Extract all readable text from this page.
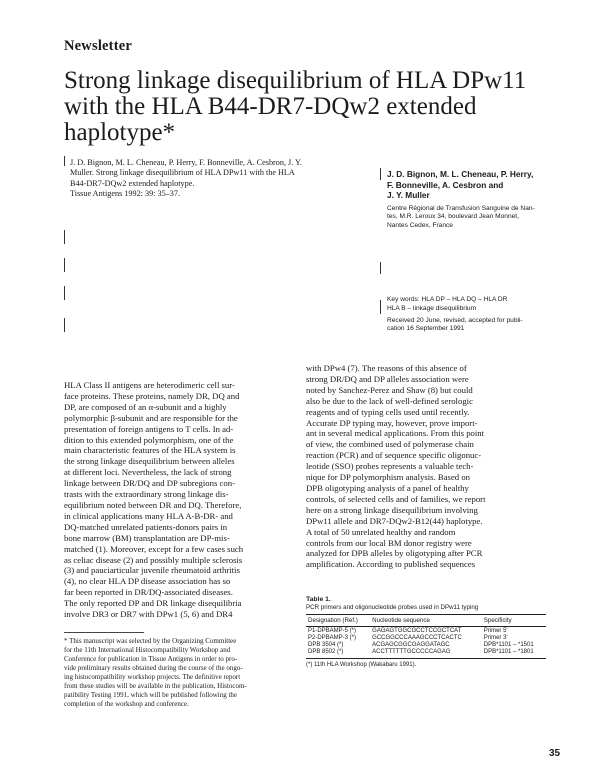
Newsletter
Strong linkage disequilibrium of HLA DPw11
with the HLA B44-DR7-DQw2 extended
haplotype*
J. D. Bignon, M. L. Cheneau, P. Herry, F. Bonneville, A. Cesbron, J. Y.
Muller. Strong linkage disequilibrium of HLA DPw11 with the HLA
B44-DR7-DQw2 extended haplotype.
Tissue Antigens 1992: 39: 35–37.
J. D. Bignon, M. L. Cheneau, P. Herry,
F. Bonneville, A. Cesbron and
J. Y. Muller
Centre Régional de Transfusion Sanguine de Nan-
tes, M.R. Leroux 34, boulevard Jean Monnet,
Nantes Cedex, France
Key words: HLA DP – HLA DQ – HLA DR
HLA B – linkage disequilibrium
Received 20 June, revised, accepted for publi-
cation 16 September 1991
HLA Class II antigens are heterodimeric cell sur-
face proteins. These proteins, namely DR, DQ and
DP, are composed of an α-subunit and a highly
polymorphic β-subunit and are responsible for the
presentation of foreign antigens to T cells. In ad-
dition to this extended polymorphism, one of the
main characteristic features of the HLA system is
the strong linkage disequilibrium between alleles
at different loci. Nevertheless, the lack of strong
linkage between DR/DQ and DP subregions con-
trasts with the extraordinary strong linkage dis-
equilibrium noted between DR and DQ. Therefore,
in clinical applications many HLA A-B-DR- and
DQ-matched unrelated patients-donors pairs in
bone marrow (BM) transplantation are DP-mis-
matched (1). Moreover, except for a few cases such
as celiac disease (2) and possibly multiple sclerosis
(3) and pauciarticular juvenile rheumatoid arthritis
(4), no clear HLA DP disease association has so
far been reported in DR/DQ-associated diseases.
The only reported DP and DR linkage disequilibria
involve DR3 or DR7 with DPw1 (5, 6) and DR4
with DPw4 (7). The reasons of this absence of
strong DR/DQ and DP alleles association were
noted by Sanchez-Perez and Shaw (8) but could
also be due to the lack of well-defined serologic
reagents and of typing cells used until recently.
Accurate DP typing may, however, prove import-
ant in several medical applications. From this point
of view, the combined used of polymerase chain
reaction (PCR) and of sequence specific oligonuc-
leotide (SSO) probes represents a valuable tech-
nique for DP polymorphism analysis. Based on
DPB oligotyping analysis of a panel of healthy
controls, of selected cells and of families, we report
here on a strong linkage disequilibrium involving
DPw11 allele and DR7-DQw2-B12(44) haplotype.
A total of 50 unrelated healthy and random
controls from our local BM donor registry were
analyzed for DPB alleles by oligotyping after PCR
amplification. According to published sequences
* This manuscript was selected by the Organizing Committee
for the 11th International Histocompatibility Workshop and
Conference for publication in Tissue Antigens in order to pro-
vide preliminary results obtained during the course of the ongo-
ing histocompatibility workshop projects. The definitive report
from these studies will be available in the publication, Histocom-
patibility Testing 1991, which will be published following the
completion of the workshop and conference.
Table 1.
PCR primers and oligonucleotide probes used in DPw11 typing
Designation (Ref.)	Nucleotide sequence	Specificity
P1-DPBAMP-5 (*)	GAGAGTGGCGCCTCCGCTCAT	Primer 5'
P2-DPBAMP-3 (*)	GCCGGCCCAAAGCCCTCACTC	Primer 3'
DPB 3504 (*)	ACGAGCGGCGAGGATAGC	DPB*1101 – *1501
DPB 8502 (*)	ACCTTTTTTGCCCCCAGAG	DPB*1101 – *1801
(*) 11th HLA Workshop (Wakabaru 1991).
35
